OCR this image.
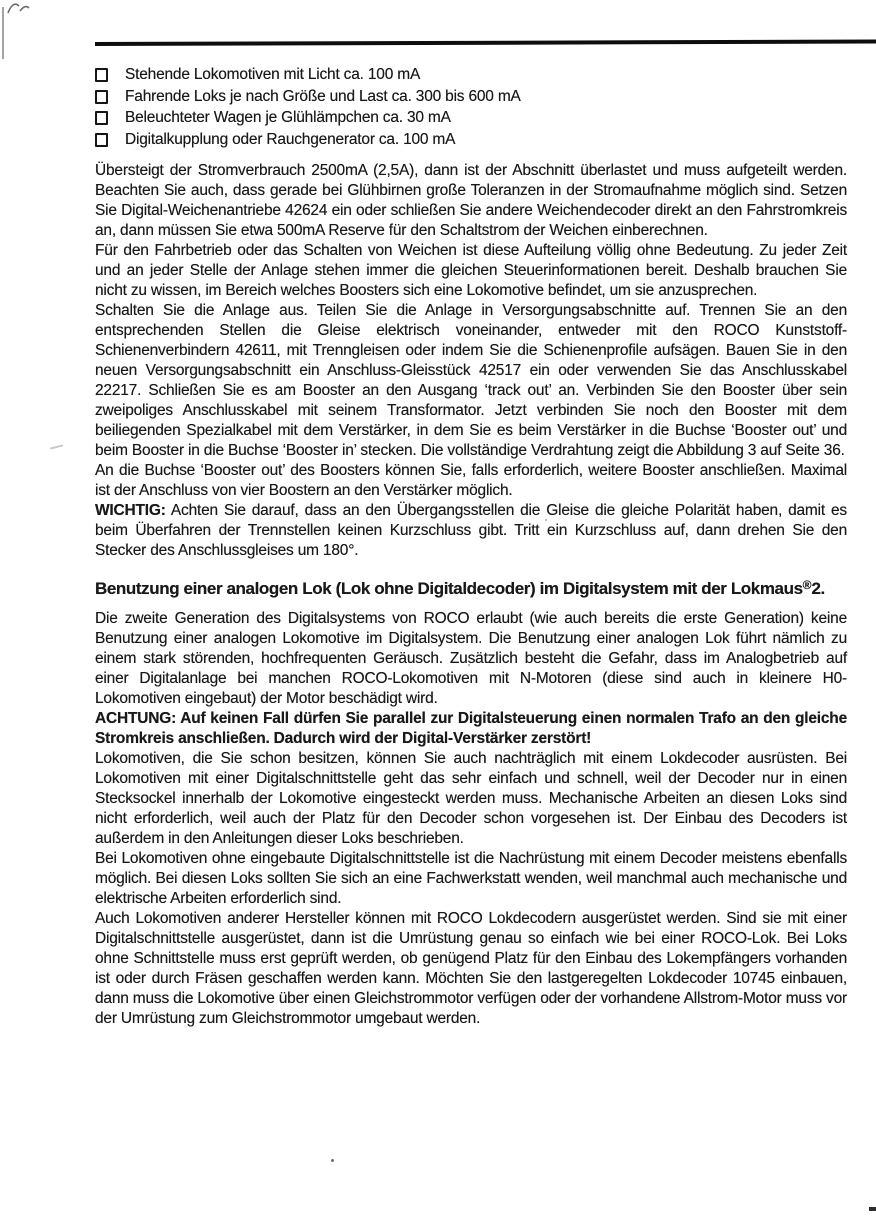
Stehende Lokomotiven mit Licht ca. 100 mA
Fahrende Loks je nach Größe und Last ca. 300 bis 600 mA
Beleuchteter Wagen je Glühlämpchen ca. 30 mA
Digitalkupplung oder Rauchgenerator ca. 100 mA

Übersteigt der Stromverbrauch 2500mA (2,5A), dann ist der Abschnitt überlastet und muss aufgeteilt werden. Beachten Sie auch, dass gerade bei Glühbirnen große Toleranzen in der Stromaufnahme möglich sind. Setzen Sie Digital-Weichenantriebe 42624 ein oder schließen Sie andere Weichendecoder direkt an den Fahrstromkreis an, dann müssen Sie etwa 500mA Reserve für den Schaltstrom der Weichen einberechnen.

Für den Fahrbetrieb oder das Schalten von Weichen ist diese Aufteilung völlig ohne Bedeutung. Zu jeder Zeit und an jeder Stelle der Anlage stehen immer die gleichen Steuerinformationen bereit. Deshalb brauchen Sie nicht zu wissen, im Bereich welches Boosters sich eine Lokomotive befindet, um sie anzusprechen.

Schalten Sie die Anlage aus. Teilen Sie die Anlage in Versorgungsabschnitte auf. Trennen Sie an den entsprechenden Stellen die Gleise elektrisch voneinander, entweder mit den ROCO Kunststoff-Schienenverbindern 42611, mit Trenngleisen oder indem Sie die Schienenprofile aufsägen. Bauen Sie in den neuen Versorgungsabschnitt ein Anschluss-Gleisstück 42517 ein oder verwenden Sie das Anschlusskabel 22217. Schließen Sie es am Booster an den Ausgang ‘track out’ an. Verbinden Sie den Booster über sein zweipoliges Anschlusskabel mit seinem Transformator. Jetzt verbinden Sie noch den Booster mit dem beiliegenden Spezialkabel mit dem Verstärker, in dem Sie es beim Verstärker in die Buchse ‘Booster out’ und beim Booster in die Buchse ‘Booster in’ stecken. Die vollständige Verdrahtung zeigt die Abbildung 3 auf Seite 36.

An die Buchse ‘Booster out’ des Boosters können Sie, falls erforderlich, weitere Booster anschließen. Maximal ist der Anschluss von vier Boostern an den Verstärker möglich.

WICHTIG: Achten Sie darauf, dass an den Übergangsstellen die Gleise die gleiche Polarität haben, damit es beim Überfahren der Trennstellen keinen Kurzschluss gibt. Tritt ein Kurzschluss auf, dann drehen Sie den Stecker des Anschlussgleises um 180°.

Benutzung einer analogen Lok (Lok ohne Digitaldecoder) im Digitalsystem mit der Lokmaus®2.

Die zweite Generation des Digitalsystems von ROCO erlaubt (wie auch bereits die erste Generation) keine Benutzung einer analogen Lokomotive im Digitalsystem. Die Benutzung einer analogen Lok führt nämlich zu einem stark störenden, hochfrequenten Geräusch. Zusätzlich besteht die Gefahr, dass im Analogbetrieb auf einer Digitalanlage bei manchen ROCO-Lokomotiven mit N-Motoren (diese sind auch in kleinere H0-Lokomotiven eingebaut) der Motor beschädigt wird.

ACHTUNG: Auf keinen Fall dürfen Sie parallel zur Digitalsteuerung einen normalen Trafo an den gleiche Stromkreis anschließen. Dadurch wird der Digital-Verstärker zerstört!

Lokomotiven, die Sie schon besitzen, können Sie auch nachträglich mit einem Lokdecoder ausrüsten. Bei Lokomotiven mit einer Digitalschnittstelle geht das sehr einfach und schnell, weil der Decoder nur in einen Stecksockel innerhalb der Lokomotive eingesteckt werden muss. Mechanische Arbeiten an diesen Loks sind nicht erforderlich, weil auch der Platz für den Decoder schon vorgesehen ist. Der Einbau des Decoders ist außerdem in den Anleitungen dieser Loks beschrieben.

Bei Lokomotiven ohne eingebaute Digitalschnittstelle ist die Nachrüstung mit einem Decoder meistens ebenfalls möglich. Bei diesen Loks sollten Sie sich an eine Fachwerkstatt wenden, weil manchmal auch mechanische und elektrische Arbeiten erforderlich sind.

Auch Lokomotiven anderer Hersteller können mit ROCO Lokdecodern ausgerüstet werden. Sind sie mit einer Digitalschnittstelle ausgerüstet, dann ist die Umrüstung genau so einfach wie bei einer ROCO-Lok. Bei Loks ohne Schnittstelle muss erst geprüft werden, ob genügend Platz für den Einbau des Lokempfängers vorhanden ist oder durch Fräsen geschaffen werden kann. Möchten Sie den lastgeregelten Lokdecoder 10745 einbauen, dann muss die Lokomotive über einen Gleichstrommotor verfügen oder der vorhandene Allstrom-Motor muss vor der Umrüstung zum Gleichstrommotor umgebaut werden.
